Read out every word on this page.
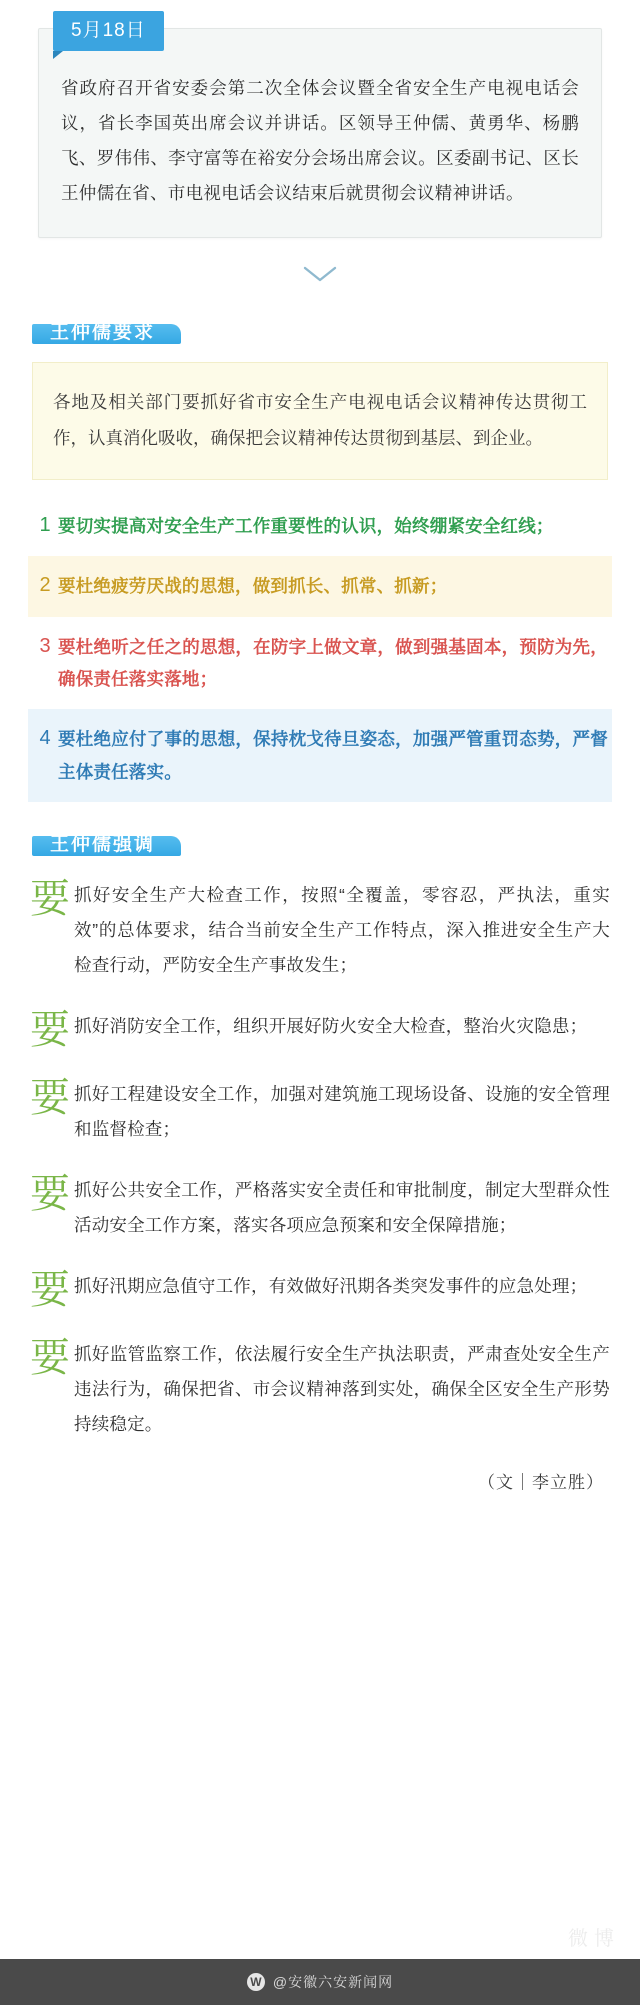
5月18日
省政府召开省安委会第二次全体会议暨全省安全生产电视电话会议，省长李国英出席会议并讲话。区领导王仲儒、黄勇华、杨鹏飞、罗伟伟、李守富等在裕安分会场出席会议。区委副书记、区长王仲儒在省、市电视电话会议结束后就贯彻会议精神讲话。
王仲儒要求
各地及相关部门要抓好省市安全生产电视电话会议精神传达贯彻工作，认真消化吸收，确保把会议精神传达贯彻到基层、到企业。
1 要切实提高对安全生产工作重要性的认识，始终绷紧安全红线；
2 要杜绝疲劳厌战的思想，做到抓长、抓常、抓新；
3 要杜绝听之任之的思想，在防字上做文章，做到强基固本，预防为先，确保责任落实落地；
4 要杜绝应付了事的思想，保持枕戈待旦姿态，加强严管重罚态势，严督主体责任落实。
王仲儒强调
要 抓好安全生产大检查工作，按照“全覆盖，零容忍，严执法，重实效”的总体要求，结合当前安全生产工作特点，深入推进安全生产大检查行动，严防安全生产事故发生；
要 抓好消防安全工作，组织开展好防火安全大检查，整治火灾隐患；
要 抓好工程建设安全工作，加强对建筑施工现场设备、设施的安全管理和监督检查；
要 抓好公共安全工作，严格落实安全责任和审批制度，制定大型群众性活动安全工作方案，落实各项应急预案和安全保障措施；
要 抓好汛期应急值守工作，有效做好汛期各类突发事件的应急处理；
要 抓好监管监察工作，依法履行安全生产执法职责，严肃查处安全生产违法行为，确保把省、市会议精神落到实处，确保全区安全生产形势持续稳定。
（文｜李立胜）
微博
W @安徽六安新闻网
